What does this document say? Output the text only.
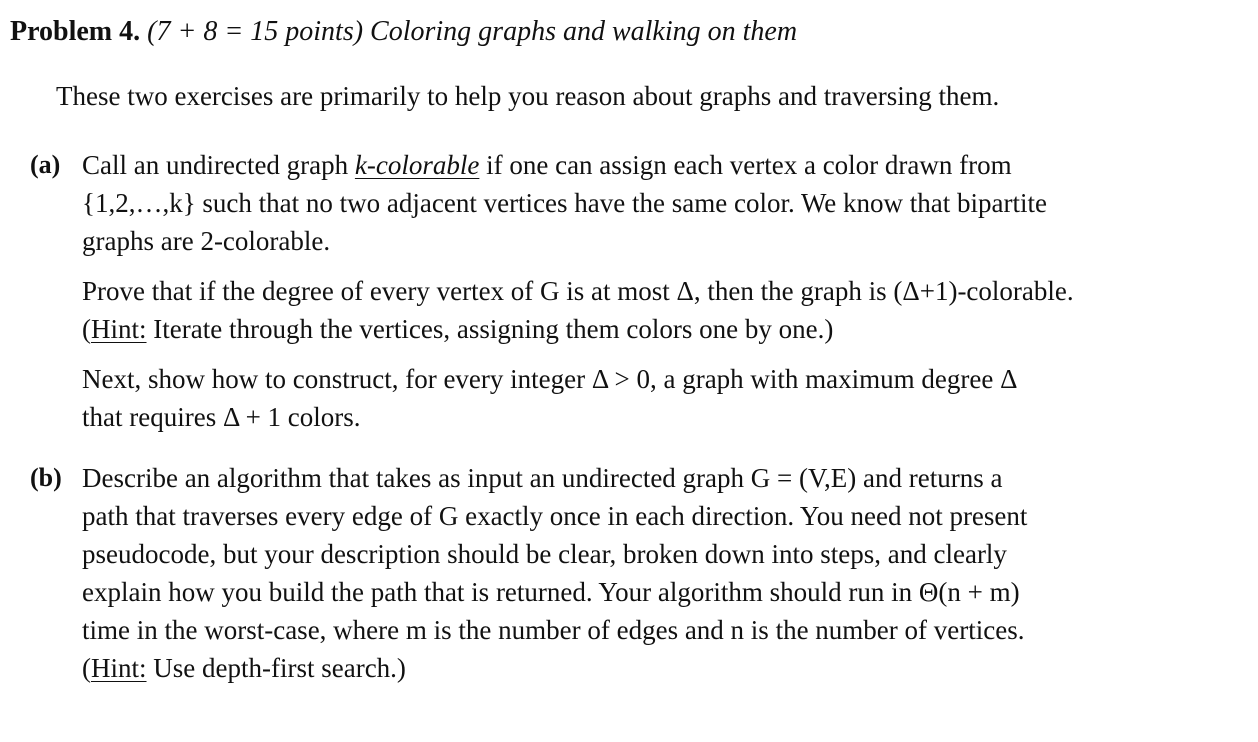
Problem 4. (7 + 8 = 15 points) Coloring graphs and walking on them
These two exercises are primarily to help you reason about graphs and traversing them.
(a) Call an undirected graph k-colorable if one can assign each vertex a color drawn from
{1,2,…,k} such that no two adjacent vertices have the same color. We know that bipartite
graphs are 2-colorable.
Prove that if the degree of every vertex of G is at most Δ, then the graph is (Δ+1)-colorable.
(Hint: Iterate through the vertices, assigning them colors one by one.)
Next, show how to construct, for every integer Δ > 0, a graph with maximum degree Δ
that requires Δ + 1 colors.
(b) Describe an algorithm that takes as input an undirected graph G = (V,E) and returns a
path that traverses every edge of G exactly once in each direction. You need not present
pseudocode, but your description should be clear, broken down into steps, and clearly
explain how you build the path that is returned. Your algorithm should run in Θ(n + m)
time in the worst-case, where m is the number of edges and n is the number of vertices.
(Hint: Use depth-first search.)
